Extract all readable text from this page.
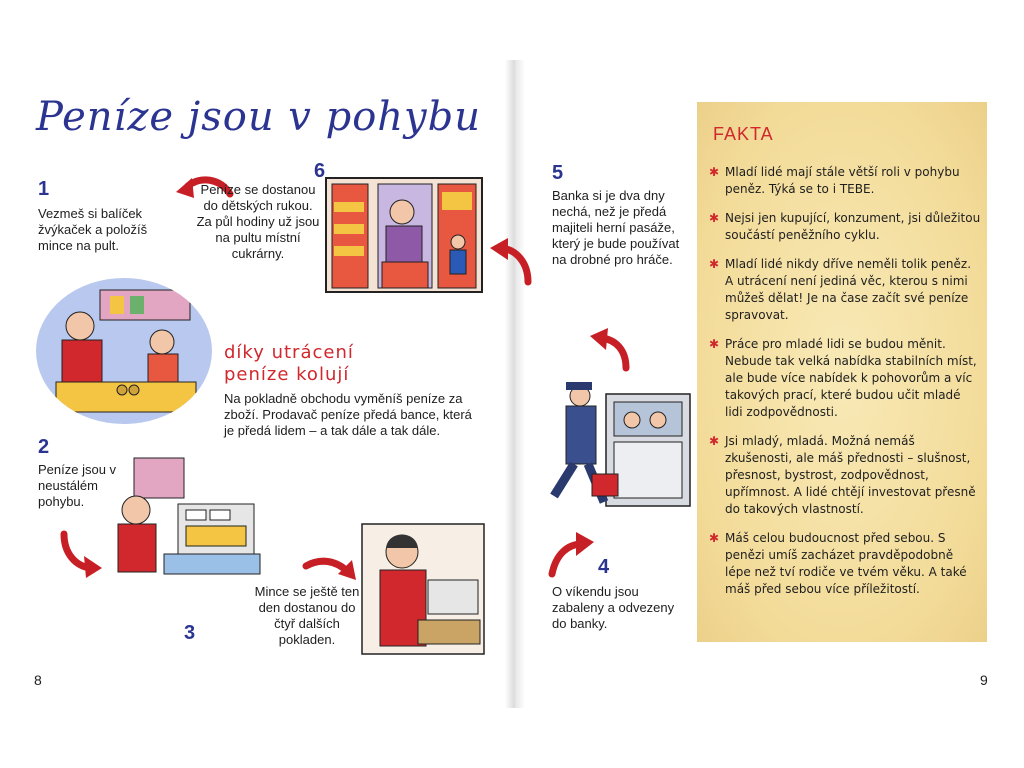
Peníze jsou v pohybu
1
Vezmeš si balíček žvýkaček a položíš mince na pult.
6
Peníze se dostanou do dětských rukou. Za půl hodiny už jsou na pultu místní cukrárny.
díky utrácení
peníze kolují
Na pokladně obchodu vyměníš peníze za zboží. Prodavač peníze předá bance, která je předá lidem – a tak dále a tak dále.
2
Peníze jsou v neustálém pohybu.
Mince se ještě ten den dostanou do čtyř dalších pokladen.
3
8
5
Banka si je dva dny nechá, než je předá majiteli herní pasáže, který je bude používat na drobné pro hráče.
4
O víkendu jsou zabaleny a odvezeny do banky.
FAKTA
✱ Mladí lidé mají stále větší roli v pohybu peněz. Týká se to i TEBE.
✱ Nejsi jen kupující, konzument, jsi důležitou součástí peněžního cyklu.
✱ Mladí lidé nikdy dříve neměli tolik peněz. A utrácení není jediná věc, kterou s nimi můžeš dělat! Je na čase začít své peníze spravovat.
✱ Práce pro mladé lidi se budou měnit. Nebude tak velká nabídka stabilních míst, ale bude více nabídek k pohovorům a víc takových prací, které budou učit mladé lidi zodpovědnosti.
✱ Jsi mladý, mladá. Možná nemáš zkušenosti, ale máš přednosti – slušnost, přesnost, bystrost, zodpovědnost, upřímnost. A lidé chtějí investovat přesně do takových vlastností.
✱ Máš celou budoucnost před sebou. S penězi umíš zacházet pravděpodobně lépe než tví rodiče ve tvém věku. A také máš před sebou více příležitostí.
9
